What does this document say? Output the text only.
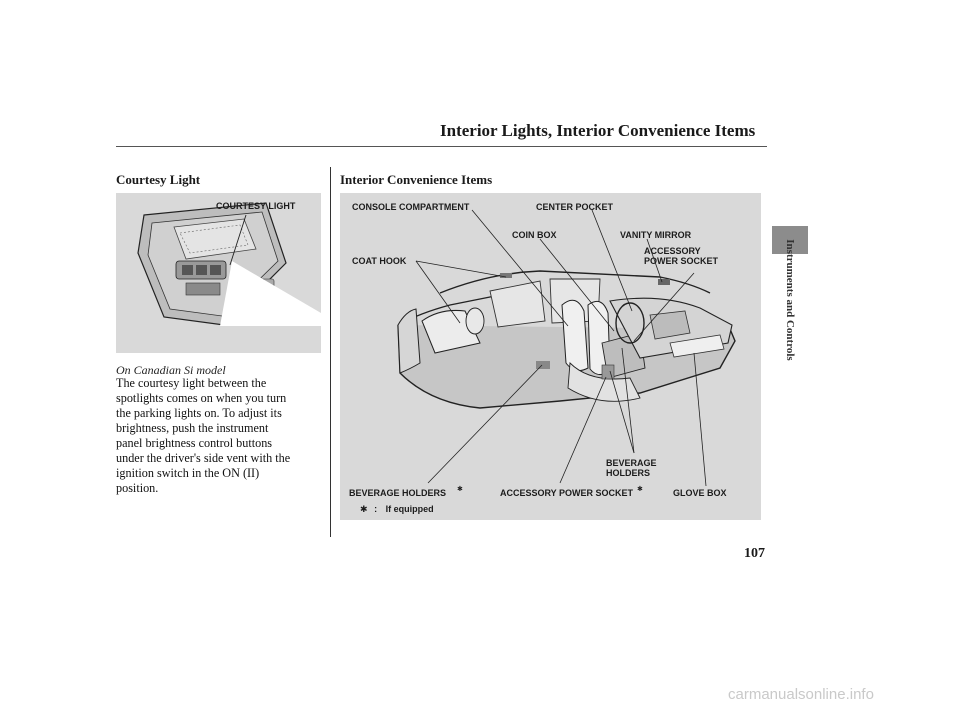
Interior Lights, Interior Convenience Items
Instruments and Controls
Courtesy Light	Interior Convenience Items
COURTESY LIGHT
On Canadian Si model

The courtesy light between the

spotlights comes on when you turn

the parking lights on. To adjust its

brightness, push the instrument

panel brightness control buttons

under the driver's side vent with the

ignition switch in the ON (II)

position.

CONSOLE COMPARTMENT	CENTER POCKET
COIN BOX	VANITY MIRROR
ACCESSORY
POWER SOCKET
COAT HOOK
BEVERAGE
HOLDERS
BEVERAGE HOLDERS ✱	ACCESSORY POWER SOCKET ✱	GLOVE BOX
✱ : If equipped
107
carmanualsonline.info
